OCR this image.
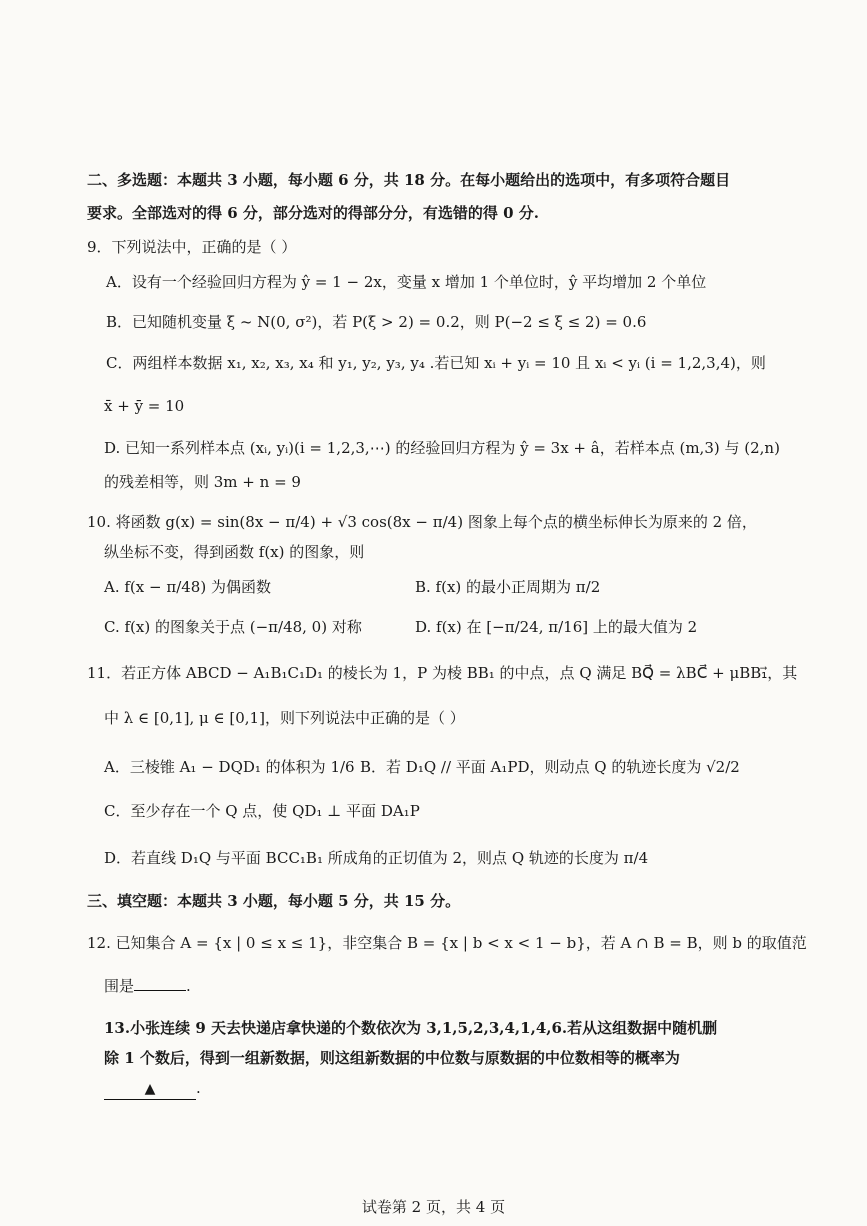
二、多选题：本题共 3 小题，每小题 6 分，共 18 分。在每小题给出的选项中，有多项符合题目
要求。全部选对的得 6 分，部分选对的得部分分，有选错的得 0 分.
9．下列说法中，正确的是（ ）
A．设有一个经验回归方程为 ŷ = 1 − 2x，变量 x 增加 1 个单位时，ŷ 平均增加 2 个单位
B．已知随机变量 ξ ~ N(0, σ²)，若 P(ξ > 2) = 0.2，则 P(−2 ≤ ξ ≤ 2) = 0.6
C．两组样本数据 x₁, x₂, x₃, x₄ 和 y₁, y₂, y₃, y₄ .若已知 xᵢ + yᵢ = 10 且 xᵢ < yᵢ (i = 1,2,3,4)，则
x̄ + ȳ = 10
D. 已知一系列样本点 (xᵢ, yᵢ)(i = 1,2,3,⋯) 的经验回归方程为 ŷ = 3x + â，若样本点 (m,3) 与 (2,n)
的残差相等，则 3m + n = 9
10. 将函数 g(x) = sin(8x − π/4) + √3 cos(8x − π/4) 图象上每个点的横坐标伸长为原来的 2 倍，
纵坐标不变，得到函数 f(x) 的图象，则
A. f(x − π/48) 为偶函数	B. f(x) 的最小正周期为 π/2
C. f(x) 的图象关于点 (−π/48, 0) 对称	D. f(x) 在 [−π/24, π/16] 上的最大值为 2
11．若正方体 ABCD − A₁B₁C₁D₁ 的棱长为 1，P 为棱 BB₁ 的中点，点 Q 满足 BQ⃗ = λBC⃗ + μBB₁⃗，其
中 λ ∈ [0,1], μ ∈ [0,1]，则下列说法中正确的是（ ）
A．三棱锥 A₁ − DQD₁ 的体积为 1/6 B．若 D₁Q // 平面 A₁PD，则动点 Q 的轨迹长度为 √2/2
C．至少存在一个 Q 点，使 QD₁ ⊥ 平面 DA₁P
D．若直线 D₁Q 与平面 BCC₁B₁ 所成角的正切值为 2，则点 Q 轨迹的长度为 π/4
三、填空题：本题共 3 小题，每小题 5 分，共 15 分。
12. 已知集合 A = {x | 0 ≤ x ≤ 1}，非空集合 B = {x | b < x < 1 − b}，若 A ∩ B = B，则 b 的取值范
围是	.
13.小张连续 9 天去快递店拿快递的个数依次为 3,1,5,2,3,4,1,4,6.若从这组数据中随机删
除 1 个数后，得到一组新数据，则这组新数据的中位数与原数据的中位数相等的概率为
▲	.
试卷第 2 页，共 4 页
